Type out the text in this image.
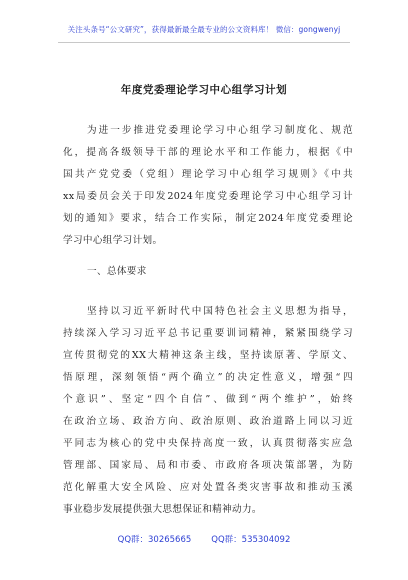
关注头条号“公文研究”，获得最新最全最专业的公文资料库！ 微信：gongwenyj
年度党委理论学习中心组学习计划
为进一步推进党委理论学习中心组学习制度化、规范
化，提高各级领导干部的理论水平和工作能力，根据《中
国共产党党委（党组）理论学习中心组学习规则》《中共
xx局委员会关于印发2024年度党委理论学习中心组学习计
划的通知》要求，结合工作实际，制定2024年度党委理论
学习中心组学习计划。
一、总体要求
坚持以习近平新时代中国特色社会主义思想为指导，
持续深入学习习近平总书记重要训词精神，紧紧围绕学习
宣传贯彻党的XX大精神这条主线，坚持读原著、学原文、
悟原理，深刻领悟“两个确立”的决定性意义，增强“四
个意识”、坚定“四个自信”、做到“两个维护”，始终
在政治立场、政治方向、政治原则、政治道路上同以习近
平同志为核心的党中央保持高度一致，认真贯彻落实应急
管理部、国家局、局和市委、市政府各项决策部署，为防
范化解重大安全风险、应对处置各类灾害事故和推动玉溪
事业稳步发展提供强大思想保证和精神动力。
QQ群：30265665 QQ群：535304092
